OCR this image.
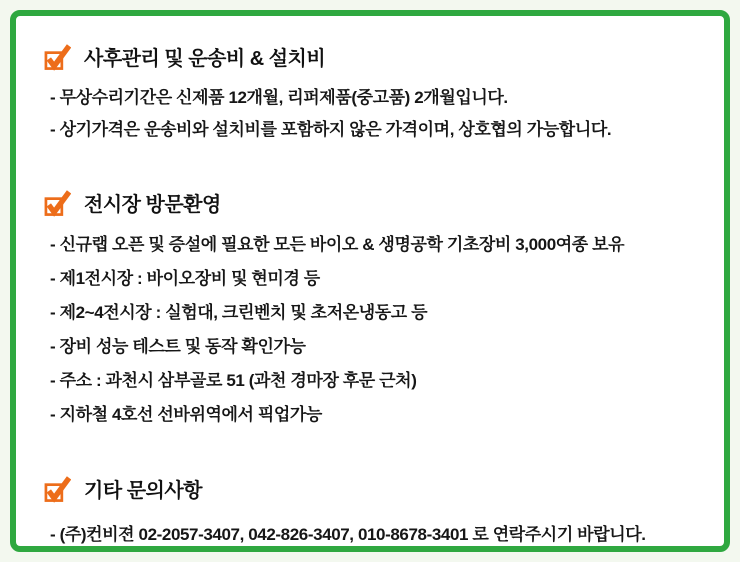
사후관리 및 운송비 & 설치비
- 무상수리기간은 신제품 12개월, 리퍼제품(중고품) 2개월입니다.
- 상기가격은 운송비와 설치비를 포함하지 않은 가격이며, 상호협의 가능합니다.
전시장 방문환영
- 신규랩 오픈 및 증설에 필요한 모든 바이오 & 생명공학 기초장비 3,000여종 보유
- 제1전시장 : 바이오장비 및 현미경 등
- 제2~4전시장 : 실험대, 크린벤치 및 초저온냉동고 등
- 장비 성능 테스트 및 동작 확인가능
- 주소 : 과천시 삼부골로 51 (과천 경마장 후문 근처)
- 지하철 4호선 선바위역에서 픽업가능
기타 문의사항
- (주)컨비젼 02-2057-3407, 042-826-3407, 010-8678-3401 로 연락주시기 바랍니다.
